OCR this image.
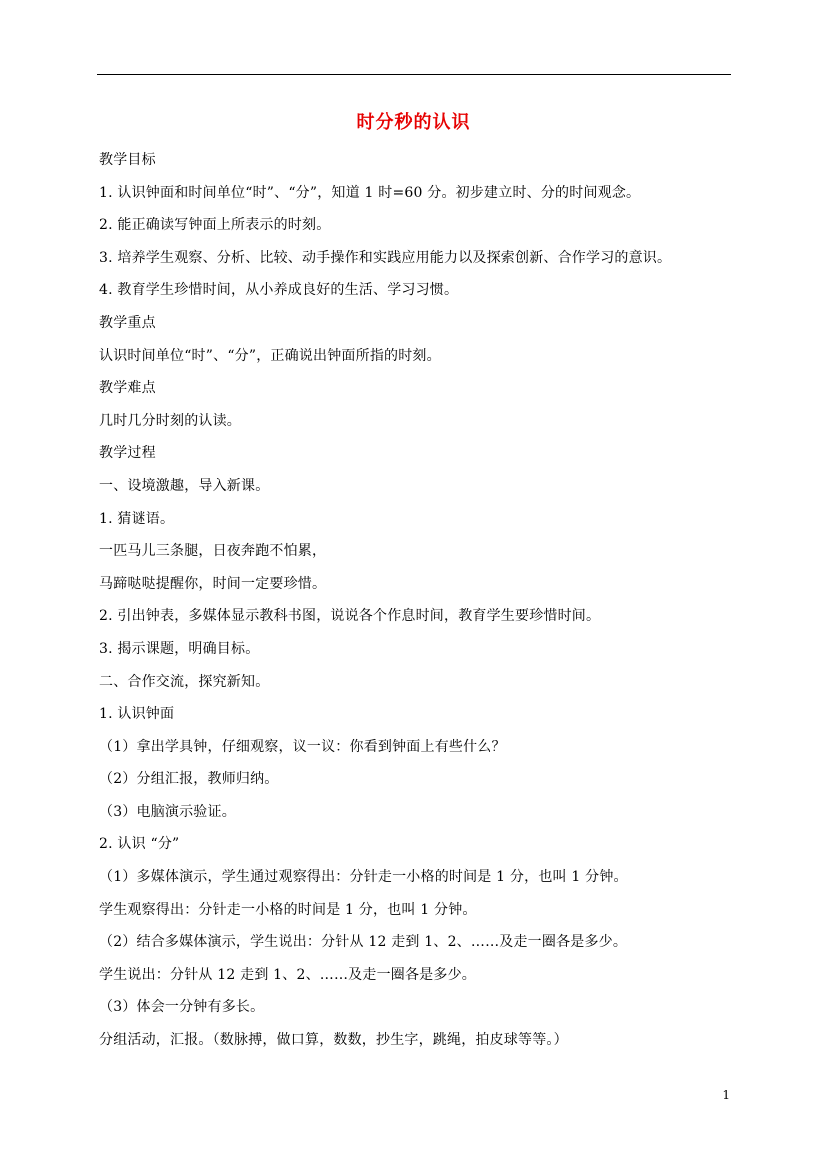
时分秒的认识
教学目标
1. 认识钟面和时间单位“时”、“分”，知道 1 时=60 分。初步建立时、分的时间观念。
2. 能正确读写钟面上所表示的时刻。
3. 培养学生观察、分析、比较、动手操作和实践应用能力以及探索创新、合作学习的意识。
4. 教育学生珍惜时间，从小养成良好的生活、学习习惯。
教学重点
认识时间单位“时”、“分”，正确说出钟面所指的时刻。
教学难点
几时几分时刻的认读。
教学过程
一、设境激趣，导入新课。
1. 猜谜语。
一匹马儿三条腿，日夜奔跑不怕累，
马蹄哒哒提醒你，时间一定要珍惜。
2. 引出钟表，多媒体显示教科书图，说说各个作息时间，教育学生要珍惜时间。
3. 揭示课题，明确目标。
二、合作交流，探究新知。
1. 认识钟面
（1）拿出学具钟，仔细观察，议一议：你看到钟面上有些什么？
（2）分组汇报，教师归纳。
（3）电脑演示验证。
2. 认识 “分”
（1）多媒体演示，学生通过观察得出：分针走一小格的时间是 1 分，也叫 1 分钟。
学生观察得出：分针走一小格的时间是 1 分，也叫 1 分钟。
（2）结合多媒体演示，学生说出：分针从 12 走到 1、2、……及走一圈各是多少。
学生说出：分针从 12 走到 1、2、……及走一圈各是多少。
（3）体会一分钟有多长。
分组活动，汇报。（数脉搏，做口算，数数，抄生字，跳绳，拍皮球等等。）
1
